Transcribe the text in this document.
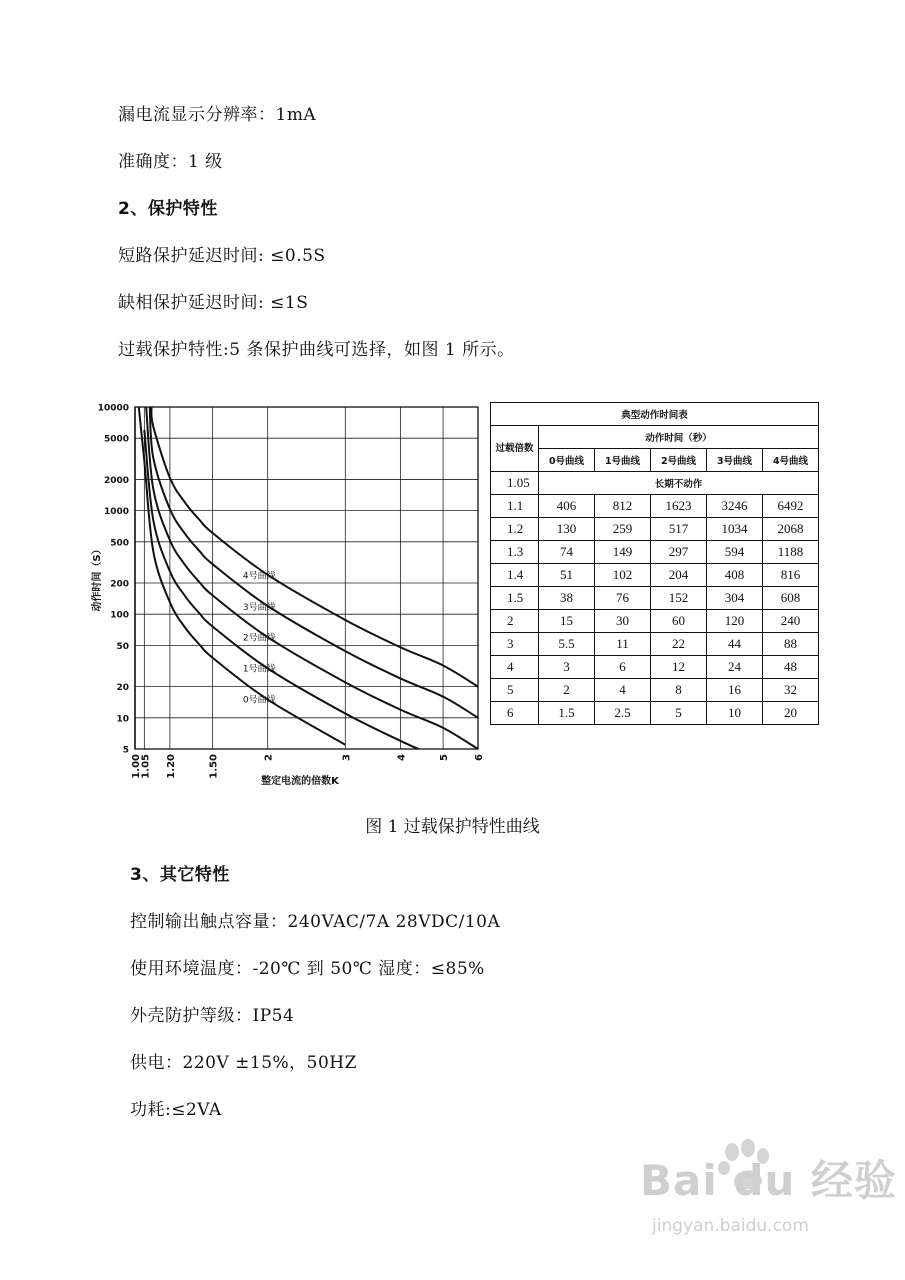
漏电流显示分辨率：1mA
准确度：1 级
2、保护特性
短路保护延迟时间: ≤0.5S
缺相保护延迟时间: ≤1S
过载保护特性:5 条保护曲线可选择，如图 1 所示。
1.00
1.05 1.20	1.50	2	3	4	5 6
10000
5000
2000
1000
500
200
100
50
20
10
5
动作时间（S）
整定电流的倍数K
0号曲线
1号曲线
2号曲线
3号曲线
4号曲线
典型动作时间表					
过载倍数	动作时间（秒）				
	0号曲线	1号曲线	2号曲线	3号曲线	4号曲线
1.05	长期不动作				
1.1	406	812	1623	3246	6492
1.2	130	259	517	1034	2068
1.3	74	149	297	594	1188
1.4	51	102	204	408	816
1.5	38	76	152	304	608
2	15	30	60	120	240
3	5.5	11	22	44	88
4	3	6	12	24	48
5	2	4	8	16	32
6	1.5	2.5	5	10	20
图 1 过载保护特性曲线
3、其它特性
控制输出触点容量：240VAC/7A 28VDC/10A
使用环境温度：-20℃ 到 50℃ 湿度：≤85%
外壳防护等级：IP54
供电：220V ±15%，50HZ
功耗:≤2VA
Bai du 经验
jingyan.baidu.com
